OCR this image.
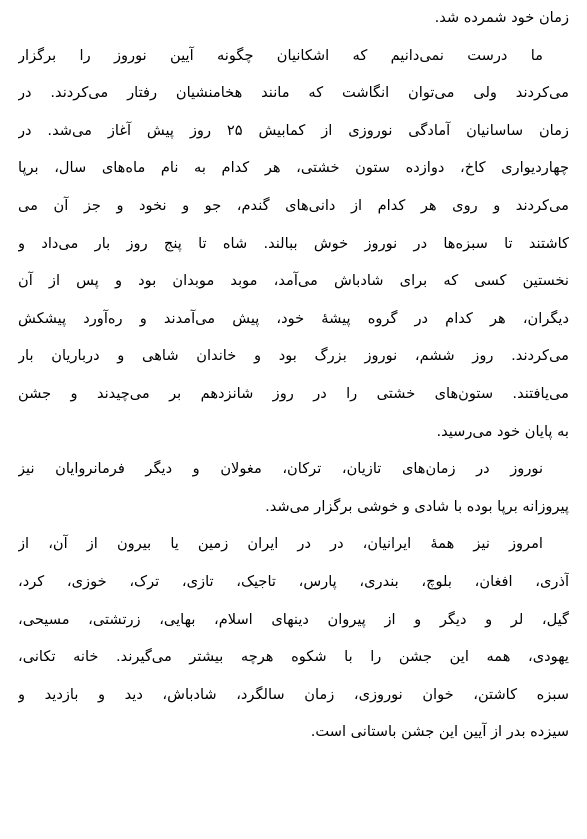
زمان خود شمرده شد.
ما درست نمی‌دانیم که اشکانیان چگونه آیین نوروز را برگزار
می‌کردند ولی می‌توان انگاشت که مانند هخامنشیان رفتار می‌کردند. در
زمان ساسانیان آمادگی نوروزی از کمابیش ۲۵ روز پیش آغاز می‌شد. در
چهاردیواری کاخ، دوازده ستون خشتی، هر کدام به نام ماه‌های سال، برپا
می‌کردند و روی هر کدام از دانی‌های گندم، جو و نخود و جز آن می
کاشتند تا سبزه‌ها در نوروز خوش ببالند. شاه تا پنج روز بار می‌داد و
نخستین کسی که برای شادباش می‌آمد، موبد موبدان بود و پس از آن
دیگران، هر کدام در گروه پیشهٔ خود، پیش می‌آمدند و ره‌آورد پیشکش
می‌کردند. روز ششم، نوروز بزرگ بود و خاندان شاهی و درباریان بار
می‌یافتند. ستون‌های خشتی را در روز شانزدهم بر می‌چیدند و جشن
به پایان خود می‌رسید.
نوروز در زمان‌های تازیان، ترکان، مغولان و دیگر فرمانروایان نیز
پیروزانه برپا بوده با شادی و خوشی برگزار می‌شد.
امروز نیز همهٔ ایرانیان، در در ایران زمین یا بیرون از آن، از
آذری، افغان، بلوچ، بندری، پارس، تاجیک، تازی، ترک، خوزی، کرد،
گیل، لر و دیگر و از پیروان دینهای اسلام، بهایی، زرتشتی، مسیحی،
یهودی، همه این جشن را با شکوه هرچه بیشتر می‌گیرند. خانه تکانی،
سبزه کاشتن، خوان نوروزی، زمان سالگرد، شادباش، دید و بازدید و
سیزده بدر از آیین این جشن باستانی است.
